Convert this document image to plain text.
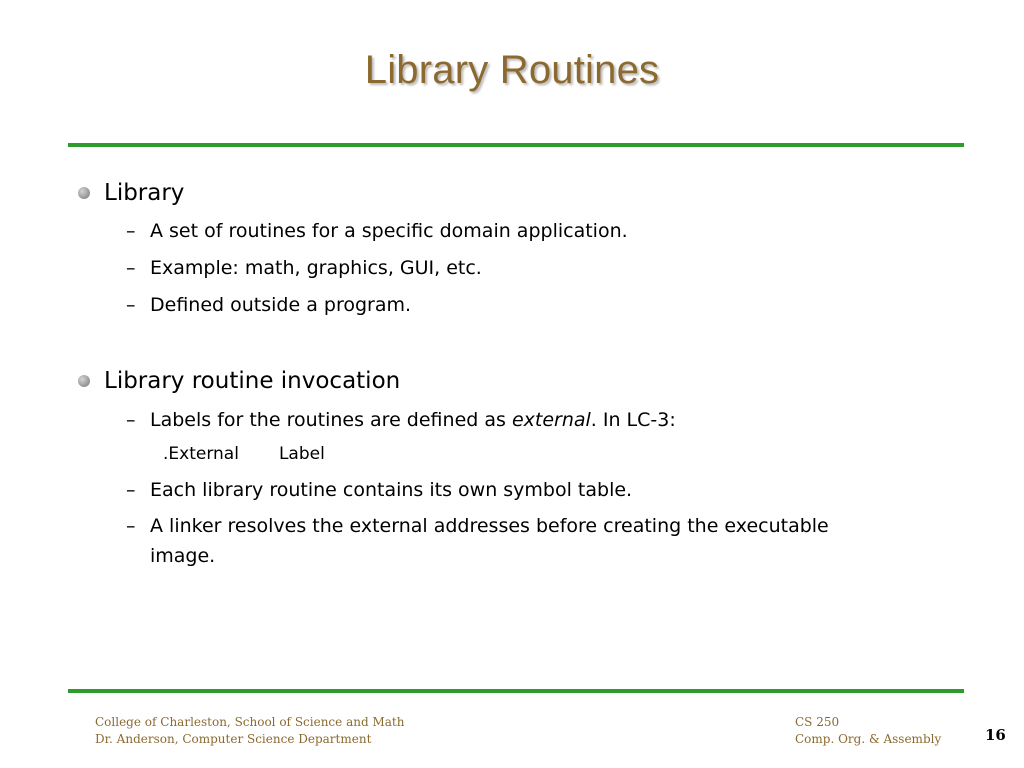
Library Routines
Library
– A set of routines for a specific domain application.
– Example: math, graphics, GUI, etc.
– Defined outside a program.
Library routine invocation
– Labels for the routines are defined as external. In LC-3:
.External Label
– Each library routine contains its own symbol table.
– A linker resolves the external addresses before creating the executable
image.
College of Charleston, School of Science and Math
Dr. Anderson, Computer Science Department
CS 250
Comp. Org. & Assembly	16
